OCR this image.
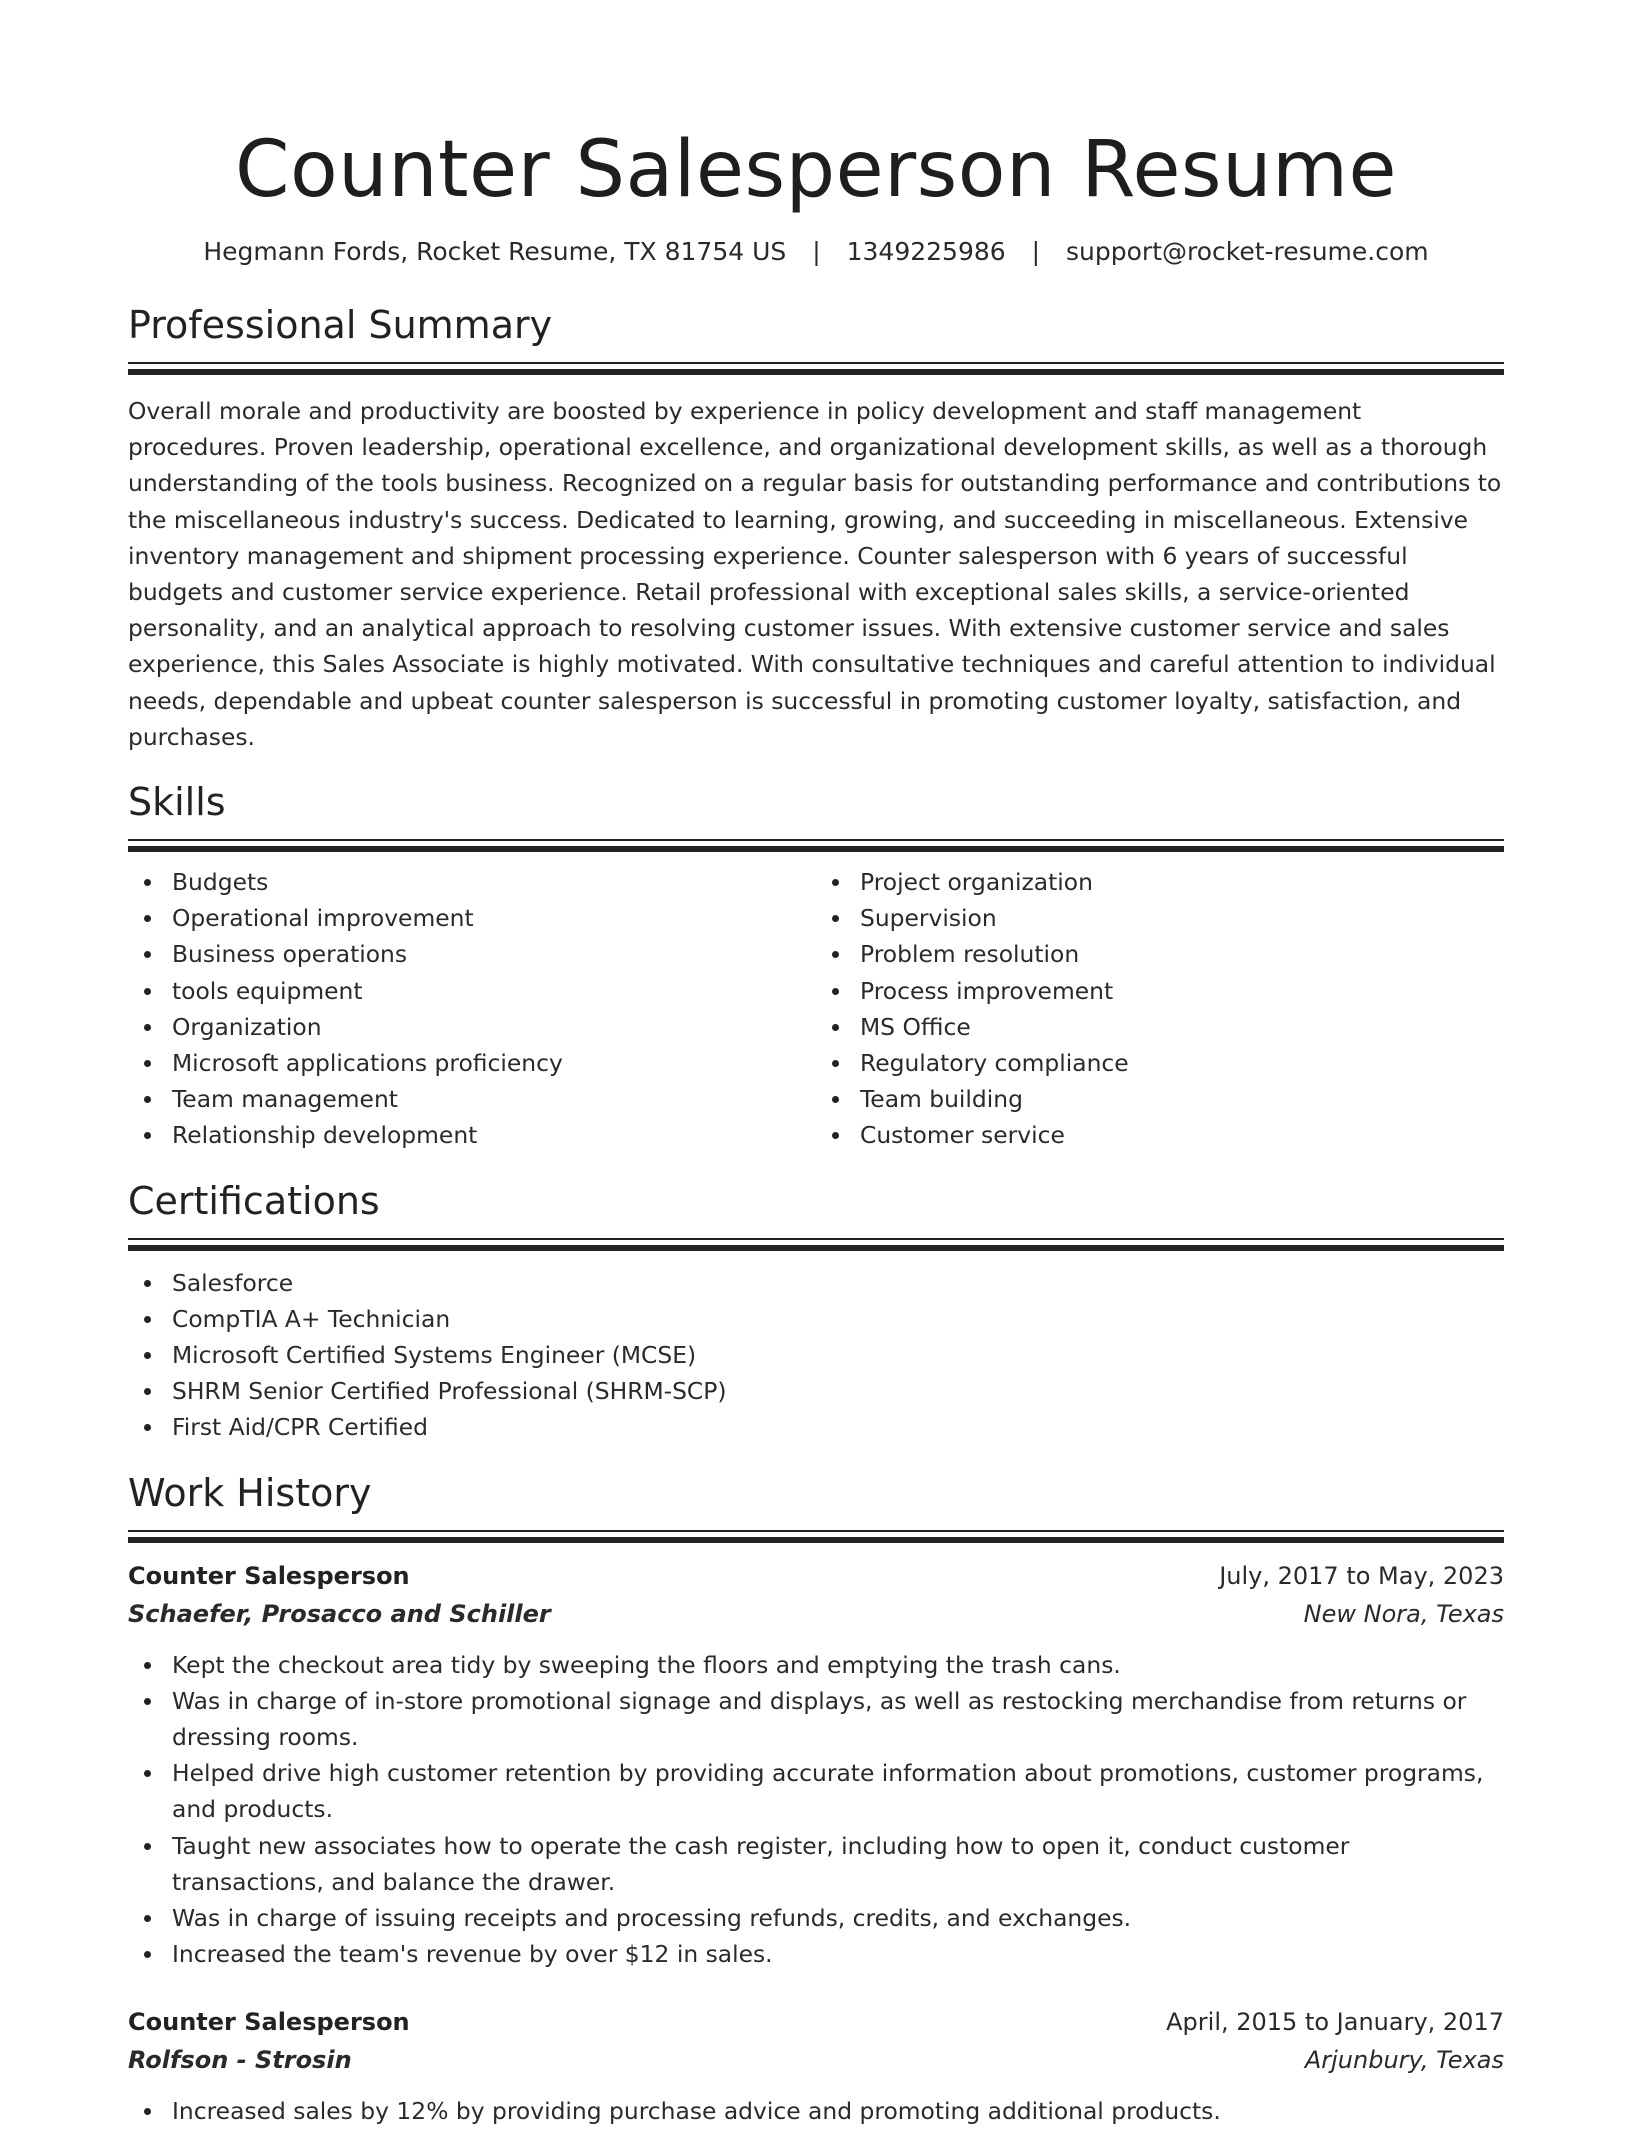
Counter Salesperson Resume
Hegmann Fords, Rocket Resume, TX 81754 US | 1349225986 | support@rocket-resume.com
Professional Summary

Overall morale and productivity are boosted by experience in policy development and staff management procedures. Proven leadership, operational excellence, and organizational development skills, as well as a thorough understanding of the tools business. Recognized on a regular basis for outstanding performance and contributions to the miscellaneous industry's success. Dedicated to learning, growing, and succeeding in miscellaneous. Extensive inventory management and shipment processing experience. Counter salesperson with 6 years of successful budgets and customer service experience. Retail professional with exceptional sales skills, a service-oriented personality, and an analytical approach to resolving customer issues. With extensive customer service and sales experience, this Sales Associate is highly motivated. With consultative techniques and careful attention to individual needs, dependable and upbeat counter salesperson is successful in promoting customer loyalty, satisfaction, and purchases.

Skills
Budgets
Operational improvement
Business operations
tools equipment
Organization
Microsoft applications proficiency
Team management
Relationship development
Project organization
Supervision
Problem resolution
Process improvement
MS Office
Regulatory compliance
Team building
Customer service
Certifications
Salesforce
CompTIA A+ Technician
Microsoft Certified Systems Engineer (MCSE)
SHRM Senior Certified Professional (SHRM-SCP)
First Aid/CPR Certified
Work History
Counter Salesperson	July, 2017 to May, 2023
Schaefer, Prosacco and Schiller	New Nora, Texas
Kept the checkout area tidy by sweeping the floors and emptying the trash cans.
Was in charge of in-store promotional signage and displays, as well as restocking merchandise from returns or dressing rooms.
Helped drive high customer retention by providing accurate information about promotions, customer programs, and products.
Taught new associates how to operate the cash register, including how to open it, conduct customer transactions, and balance the drawer.
Was in charge of issuing receipts and processing refunds, credits, and exchanges.
Increased the team's revenue by over $12 in sales.
Counter Salesperson	April, 2015 to January, 2017
Rolfson - Strosin	Arjunbury, Texas
Increased sales by 12% by providing purchase advice and promoting additional products.
